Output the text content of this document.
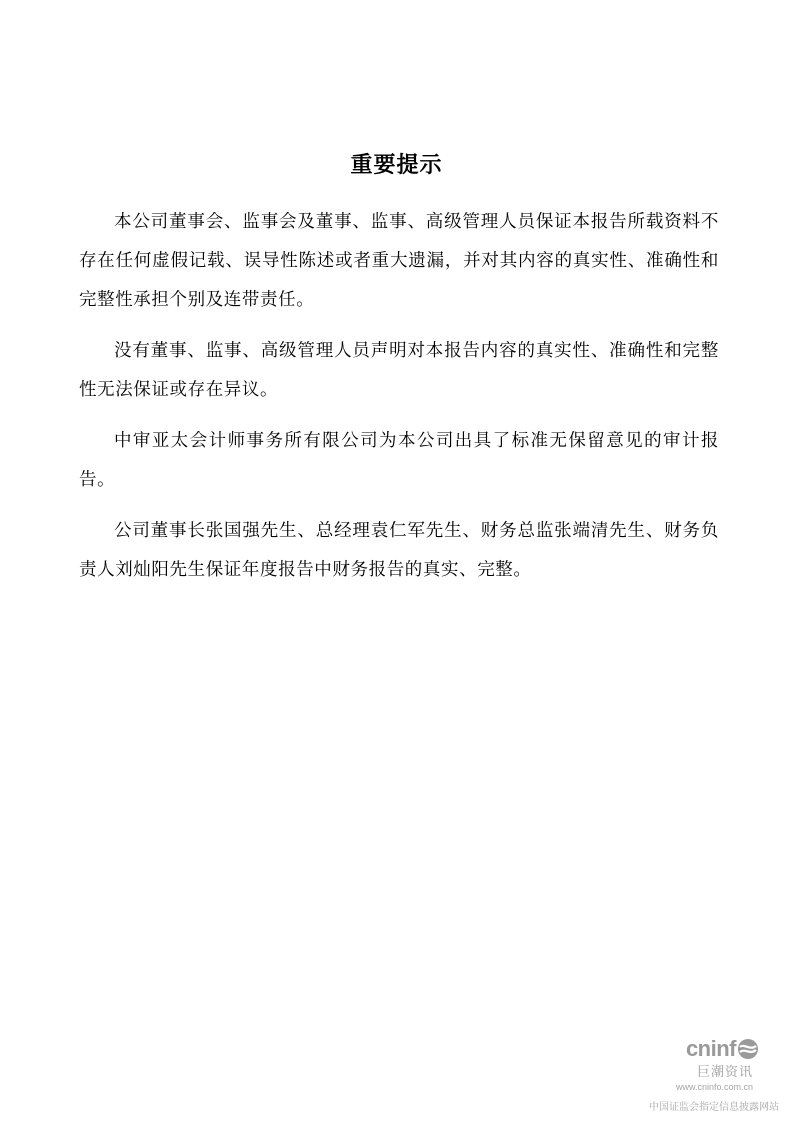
重要提示

本公司董事会、监事会及董事、监事、高级管理人员保证本报告所载资料不存在任何虚假记载、误导性陈述或者重大遗漏，并对其内容的真实性、准确性和完整性承担个别及连带责任。

没有董事、监事、高级管理人员声明对本报告内容的真实性、准确性和完整性无法保证或存在异议。

中审亚太会计师事务所有限公司为本公司出具了标准无保留意见的审计报告。

公司董事长张国强先生、总经理袁仁军先生、财务总监张端清先生、财务负责人刘灿阳先生保证年度报告中财务报告的真实、完整。

cninf
巨潮资讯
www.cninfo.com.cn
中国证监会指定信息披露网站
